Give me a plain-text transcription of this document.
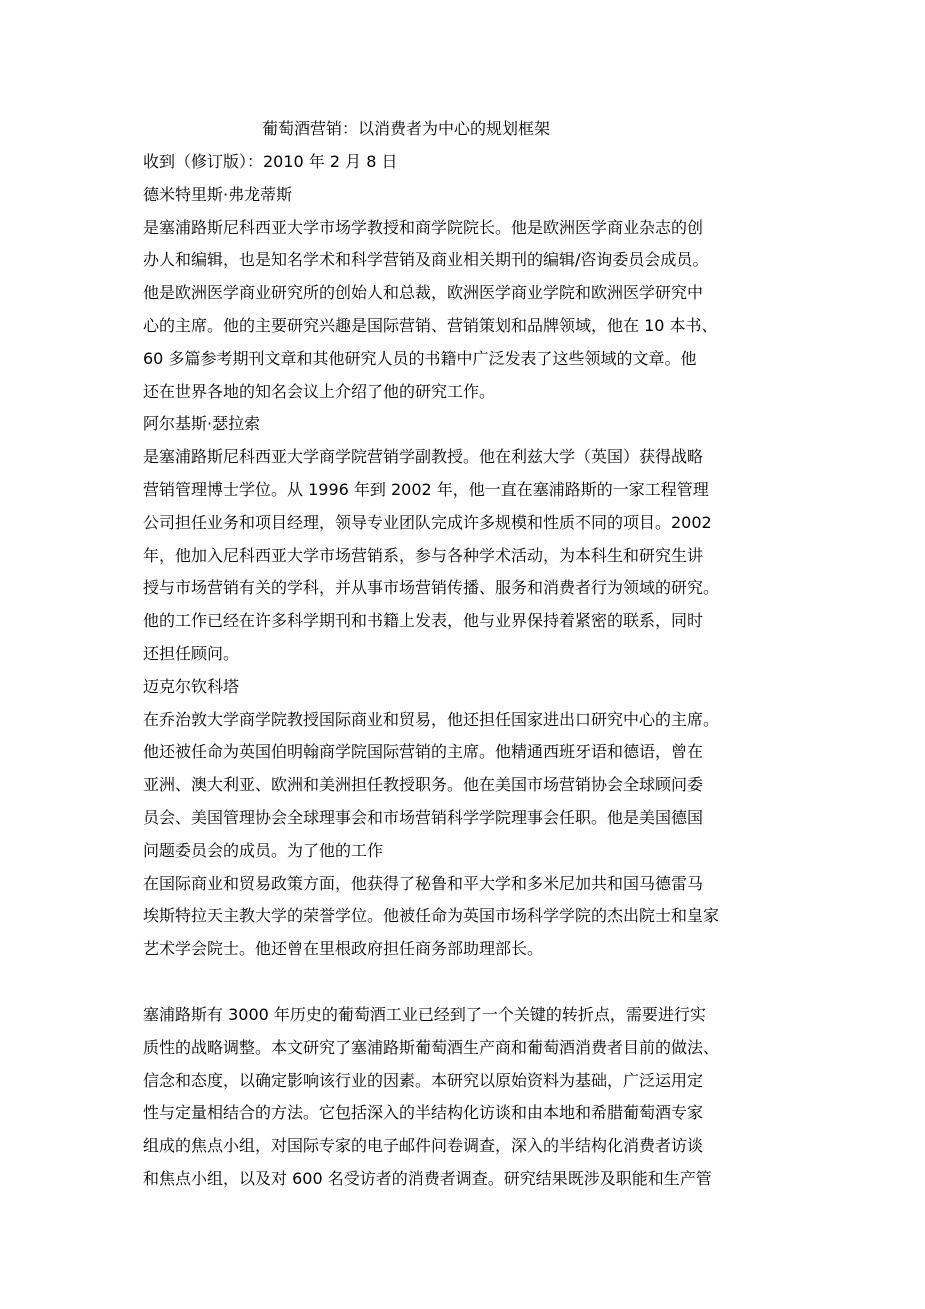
葡萄酒营销：以消费者为中心的规划框架
收到（修订版）：2010 年 2 月 8 日
德米特里斯·弗龙蒂斯
是塞浦路斯尼科西亚大学市场学教授和商学院院长。他是欧洲医学商业杂志的创
办人和编辑，也是知名学术和科学营销及商业相关期刊的编辑/咨询委员会成员。
他是欧洲医学商业研究所的创始人和总裁，欧洲医学商业学院和欧洲医学研究中
心的主席。他的主要研究兴趣是国际营销、营销策划和品牌领域，他在 10 本书、
60 多篇参考期刊文章和其他研究人员的书籍中广泛发表了这些领域的文章。他
还在世界各地的知名会议上介绍了他的研究工作。
阿尔基斯·瑟拉索
是塞浦路斯尼科西亚大学商学院营销学副教授。他在利兹大学（英国）获得战略
营销管理博士学位。从 1996 年到 2002 年，他一直在塞浦路斯的一家工程管理
公司担任业务和项目经理，领导专业团队完成许多规模和性质不同的项目。2002
年，他加入尼科西亚大学市场营销系，参与各种学术活动，为本科生和研究生讲
授与市场营销有关的学科，并从事市场营销传播、服务和消费者行为领域的研究。
他的工作已经在许多科学期刊和书籍上发表，他与业界保持着紧密的联系，同时
还担任顾问。
迈克尔钦科塔
在乔治敦大学商学院教授国际商业和贸易，他还担任国家进出口研究中心的主席。
他还被任命为英国伯明翰商学院国际营销的主席。他精通西班牙语和德语，曾在
亚洲、澳大利亚、欧洲和美洲担任教授职务。他在美国市场营销协会全球顾问委
员会、美国管理协会全球理事会和市场营销科学学院理事会任职。他是美国德国
问题委员会的成员。为了他的工作
在国际商业和贸易政策方面，他获得了秘鲁和平大学和多米尼加共和国马德雷马
埃斯特拉天主教大学的荣誉学位。他被任命为英国市场科学学院的杰出院士和皇家
艺术学会院士。他还曾在里根政府担任商务部助理部长。
塞浦路斯有 3000 年历史的葡萄酒工业已经到了一个关键的转折点，需要进行实
质性的战略调整。本文研究了塞浦路斯葡萄酒生产商和葡萄酒消费者目前的做法、
信念和态度，以确定影响该行业的因素。本研究以原始资料为基础，广泛运用定
性与定量相结合的方法。它包括深入的半结构化访谈和由本地和希腊葡萄酒专家
组成的焦点小组，对国际专家的电子邮件问卷调查，深入的半结构化消费者访谈
和焦点小组，以及对 600 名受访者的消费者调查。研究结果既涉及职能和生产管
